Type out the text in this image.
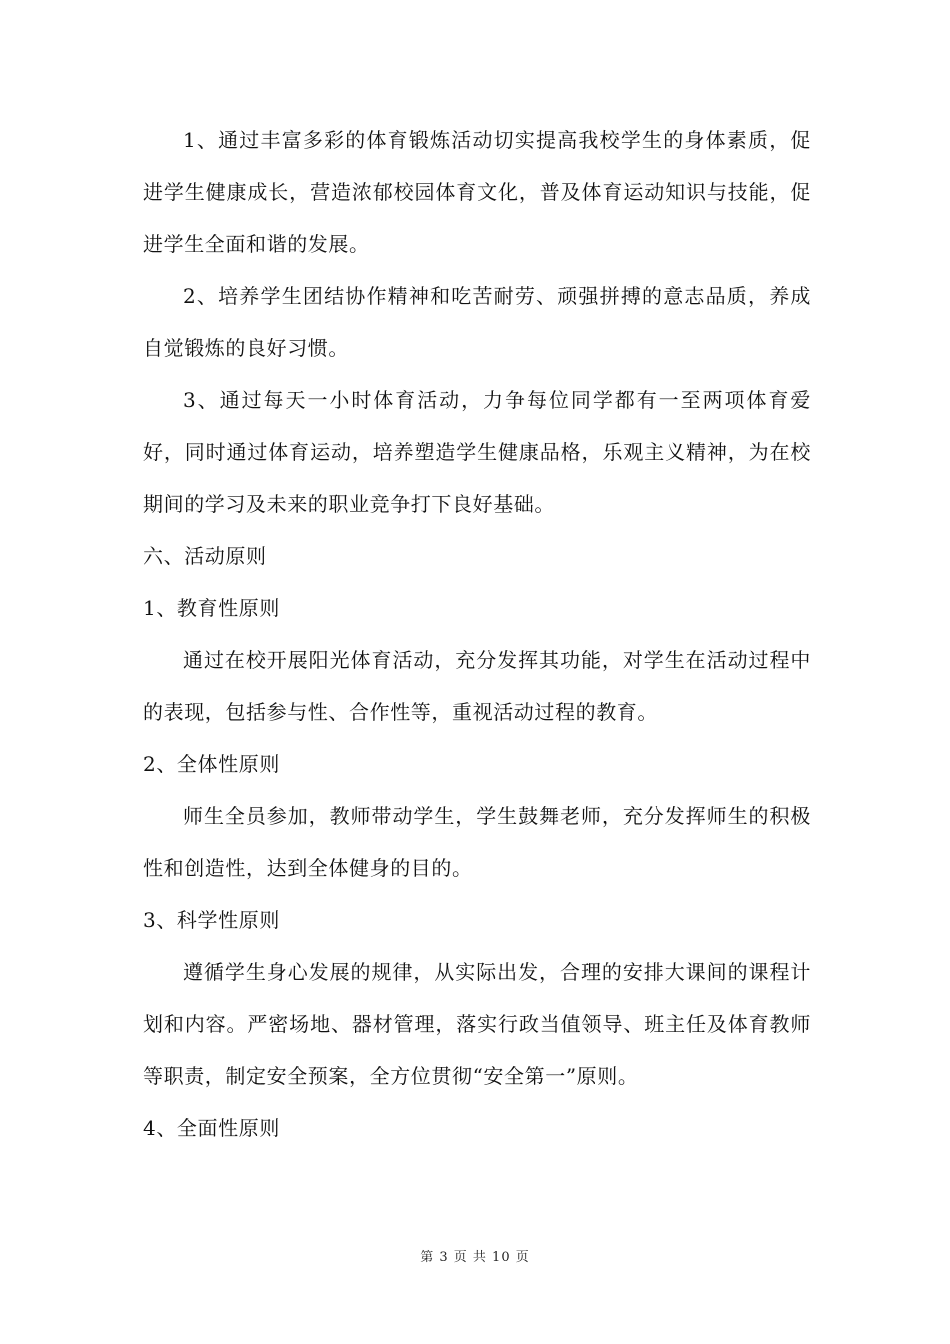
1、通过丰富多彩的体育锻炼活动切实提高我校学生的身体素质，促进学生健康成长，营造浓郁校园体育文化，普及体育运动知识与技能，促进学生全面和谐的发展。

2、培养学生团结协作精神和吃苦耐劳、顽强拼搏的意志品质，养成自觉锻炼的良好习惯。

3、通过每天一小时体育活动，力争每位同学都有一至两项体育爱好，同时通过体育运动，培养塑造学生健康品格，乐观主义精神，为在校期间的学习及未来的职业竞争打下良好基础。

六、活动原则

1、教育性原则

通过在校开展阳光体育活动，充分发挥其功能，对学生在活动过程中的表现，包括参与性、合作性等，重视活动过程的教育。

2、全体性原则

师生全员参加，教师带动学生，学生鼓舞老师，充分发挥师生的积极性和创造性，达到全体健身的目的。

3、科学性原则

遵循学生身心发展的规律，从实际出发，合理的安排大课间的课程计划和内容。严密场地、器材管理，落实行政当值领导、班主任及体育教师等职责，制定安全预案，全方位贯彻“安全第一”原则。

4、全面性原则

第 3 页 共 10 页
